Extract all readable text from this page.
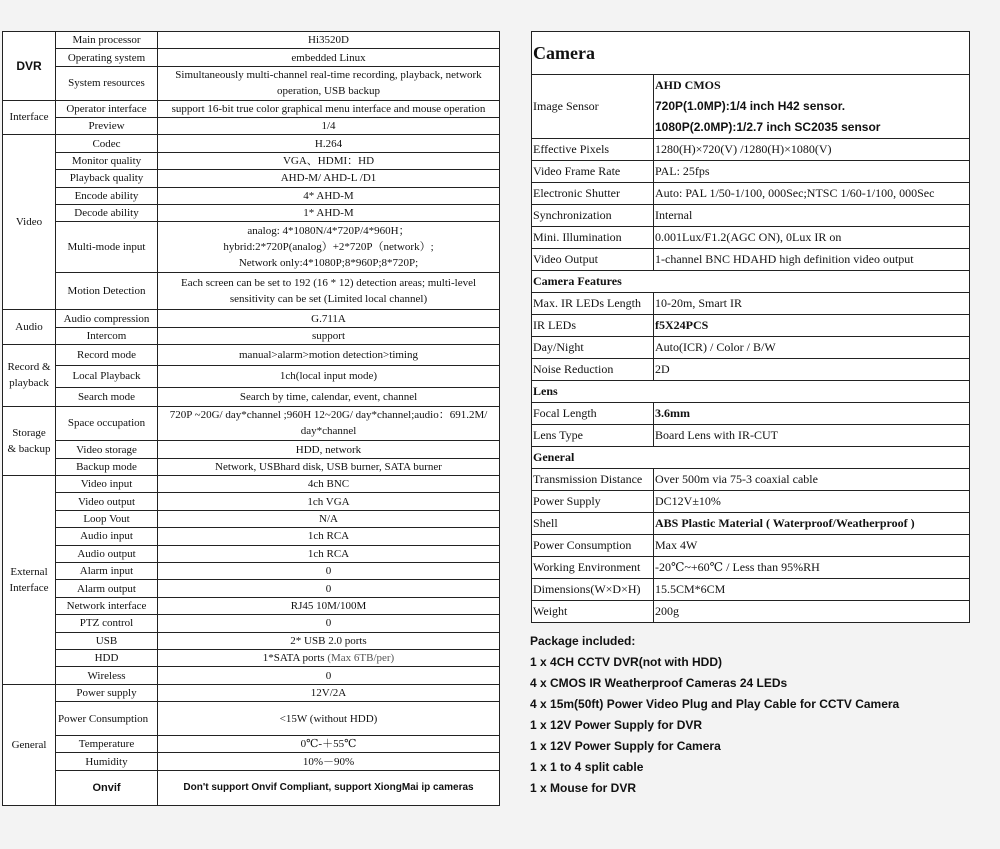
DVR	Main processor	Hi3520D
	Operating system	embedded Linux
	System resources	Simultaneously multi-channel real-time recording, playback, network operation, USB backup
Interface	Operator interface	support 16-bit true color graphical menu interface and mouse operation
	Preview	1/4
Video	Codec	H.264
	Monitor quality	VGA、HDMI：HD
	Playback quality	AHD-M/ AHD-L /D1
	Encode ability	4* AHD-M
	Decode ability	1* AHD-M
	Multi-mode input	analog: 4*1080N/4*720P/4*960H；
hybrid:2*720P(analog）+2*720P（network）;
Network only:4*1080P;8*960P;8*720P;

	Motion Detection	Each screen can be set to 192 (16 * 12) detection areas; multi-level sensitivity can be set (Limited local channel)
Audio	Audio compression	G.711A
	Intercom	support

Record &
playback	Record mode	manual>alarm>motion detection>timing
	Local Playback	1ch(local input mode)
	Search mode	Search by time, calendar, event, channel

Storage
& backup	Space occupation	720P ~20G/ day*channel ;960H 12~20G/ day*channel;audio：691.2M/ day*channel
	Video storage	HDD, network
	Backup mode	Network, USBhard disk, USB burner, SATA burner

External
Interface	Video input	4ch BNC
	Video output	1ch VGA
	Loop Vout	N/A
	Audio input	1ch RCA
	Audio output	1ch RCA
	Alarm input	0
	Alarm output	0
	Network interface	RJ45 10M/100M
	PTZ control	0
	USB	2* USB 2.0 ports
	HDD	1*SATA ports (Max 6TB/per)
	Wireless	0
General	Power supply	12V/2A
	Power Consumption	<15W (without HDD)
	Temperature	0℃-＋55℃
	Humidity	10%－90%
	Onvif	Don't support Onvif Compliant, support XiongMai ip cameras
Camera	
Image Sensor	AHD CMOS
720P(1.0MP):1/4 inch H42 sensor.
1080P(2.0MP):1/2.7 inch SC2035 sensor

Effective Pixels	1280(H)×720(V) /1280(H)×1080(V)
Video Frame Rate	PAL: 25fps
Electronic Shutter	Auto: PAL 1/50-1/100, 000Sec;NTSC 1/60-1/100, 000Sec
Synchronization	Internal
Mini. Illumination	0.001Lux/F1.2(AGC ON), 0Lux IR on
Video Output	1-channel BNC HDAHD high definition video output
Camera Features	
Max. IR LEDs Length	10-20m, Smart IR
IR LEDs	f5X24PCS
Day/Night	Auto(ICR) / Color / B/W
Noise Reduction	2D
Lens	
Focal Length	3.6mm
Lens Type	Board Lens with IR-CUT
General	
Transmission Distance	Over 500m via 75-3 coaxial cable
Power Supply	DC12V±10%
Shell	ABS Plastic Material ( Waterproof/Weatherproof )
Power Consumption	Max 4W
Working Environment	-20℃~+60℃ / Less than 95%RH
Dimensions(W×D×H)	15.5CM*6CM
Weight	200g
Package included:
1 x 4CH CCTV DVR(not with HDD)
4 x CMOS IR Weatherproof Cameras 24 LEDs
4 x 15m(50ft) Power Video Plug and Play Cable for CCTV Camera
1 x 12V Power Supply for DVR
1 x 12V Power Supply for Camera
1 x 1 to 4 split cable
1 x Mouse for DVR
